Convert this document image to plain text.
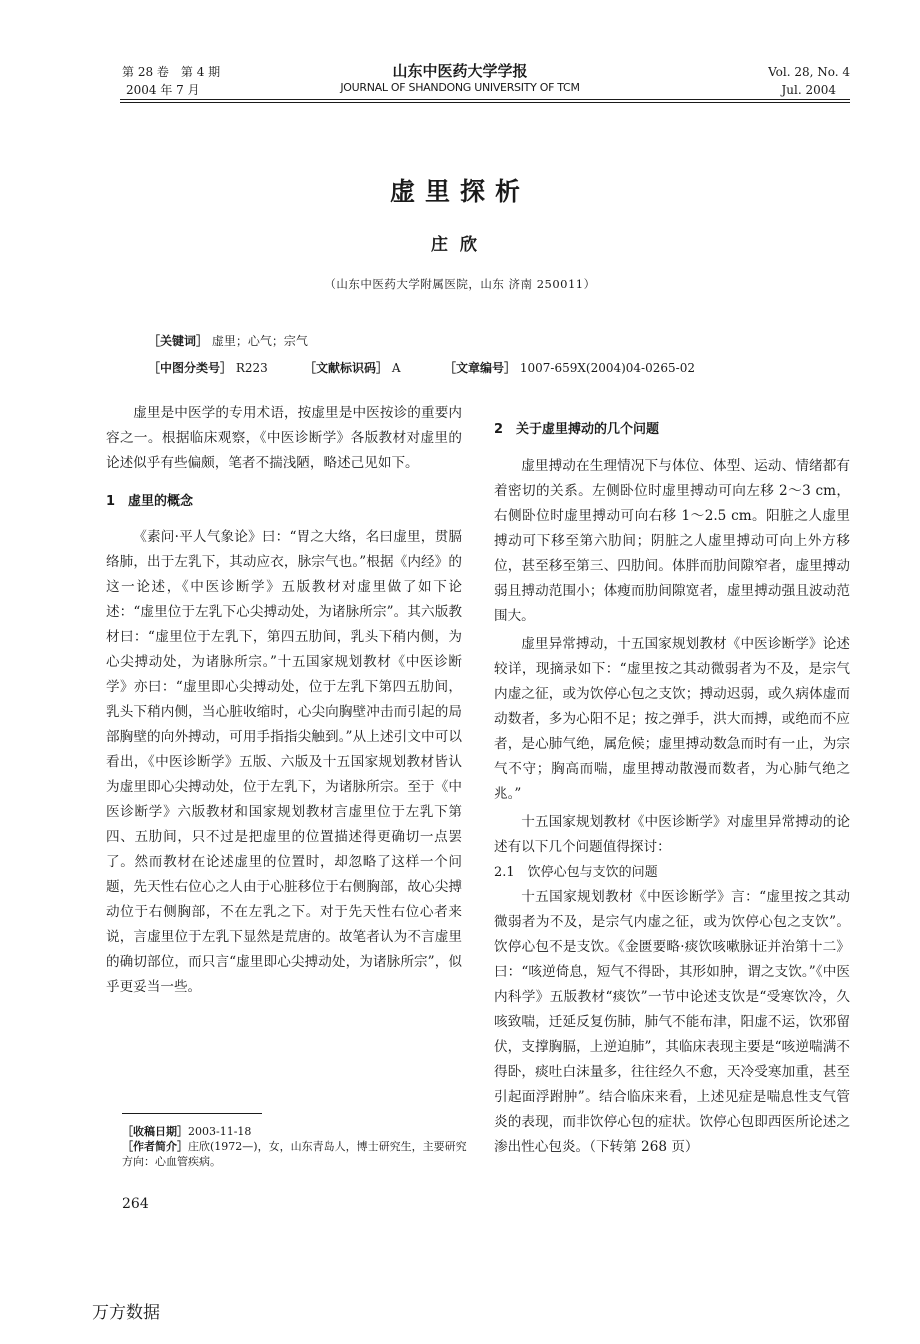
第 28 卷　第 4 期
2004 年 7 月
山东中医药大学学报
JOURNAL OF SHANDONG UNIVERSITY OF TCM
Vol. 28, No. 4
Jul. 2004
虚里探析
庄欣
（山东中医药大学附属医院，山东 济南 250011）
［关键词］ 虚里；心气；宗气
［中图分类号］ R223	［文献标识码］ A	［文章编号］ 1007-659X(2004)04-0265-02

虚里是中医学的专用术语，按虚里是中医按诊的重要内容之一。根据临床观察，《中医诊断学》各版教材对虚里的论述似乎有些偏颇，笔者不揣浅陋，略述己见如下。

1　虚里的概念

《素问·平人气象论》曰：“胃之大络，名曰虚里，贯膈络肺，出于左乳下，其动应衣，脉宗气也。”根据《内经》的这一论述，《中医诊断学》五版教材对虚里做了如下论述：“虚里位于左乳下心尖搏动处，为诸脉所宗”。其六版教材曰：“虚里位于左乳下，第四五肋间，乳头下稍内侧，为心尖搏动处，为诸脉所宗。”十五国家规划教材《中医诊断学》亦曰：“虚里即心尖搏动处，位于左乳下第四五肋间，乳头下稍内侧，当心脏收缩时，心尖向胸壁冲击而引起的局部胸壁的向外搏动，可用手指指尖触到。”从上述引文中可以看出，《中医诊断学》五版、六版及十五国家规划教材皆认为虚里即心尖搏动处，位于左乳下，为诸脉所宗。至于《中医诊断学》六版教材和国家规划教材言虚里位于左乳下第四、五肋间，只不过是把虚里的位置描述得更确切一点罢了。然而教材在论述虚里的位置时，却忽略了这样一个问题，先天性右位心之人由于心脏移位于右侧胸部，故心尖搏动位于右侧胸部，不在左乳之下。对于先天性右位心者来说，言虚里位于左乳下显然是荒唐的。故笔者认为不言虚里的确切部位，而只言“虚里即心尖搏动处，为诸脉所宗”，似乎更妥当一些。

［收稿日期］2003-11-18
［作者简介］庄欣(1972—)，女，山东青岛人，博士研究生，主要研究方向：心血管疾病。
2　关于虚里搏动的几个问题

虚里搏动在生理情况下与体位、体型、运动、情绪都有着密切的关系。左侧卧位时虚里搏动可向左移 2～3 cm，右侧卧位时虚里搏动可向右移 1～2.5 cm。阳脏之人虚里搏动可下移至第六肋间；阴脏之人虚里搏动可向上外方移位，甚至移至第三、四肋间。体胖而肋间隙窄者，虚里搏动弱且搏动范围小；体瘦而肋间隙宽者，虚里搏动强且波动范围大。

虚里异常搏动，十五国家规划教材《中医诊断学》论述较详，现摘录如下：“虚里按之其动微弱者为不及，是宗气内虚之征，或为饮停心包之支饮；搏动迟弱，或久病体虚而动数者，多为心阳不足；按之弹手，洪大而搏，或绝而不应者，是心肺气绝，属危候；虚里搏动数急而时有一止，为宗气不守；胸高而喘，虚里搏动散漫而数者，为心肺气绝之兆。”

十五国家规划教材《中医诊断学》对虚里异常搏动的论述有以下几个问题值得探讨：

2.1　饮停心包与支饮的问题

十五国家规划教材《中医诊断学》言：“虚里按之其动微弱者为不及，是宗气内虚之征，或为饮停心包之支饮”。饮停心包不是支饮。《金匮要略·痰饮咳嗽脉证并治第十二》曰：“咳逆倚息，短气不得卧，其形如肿，谓之支饮。”《中医内科学》五版教材“痰饮”一节中论述支饮是“受寒饮冷，久咳致喘，迁延反复伤肺，肺气不能布津，阳虚不运，饮邪留伏，支撑胸膈，上逆迫肺”，其临床表现主要是“咳逆喘满不得卧，痰吐白沫量多，往往经久不愈，天冷受寒加重，甚至引起面浮跗肿”。结合临床来看，上述见症是喘息性支气管炎的表现，而非饮停心包的症状。饮停心包即西医所论述之渗出性心包炎。（下转第 268 页）

264
万方数据
